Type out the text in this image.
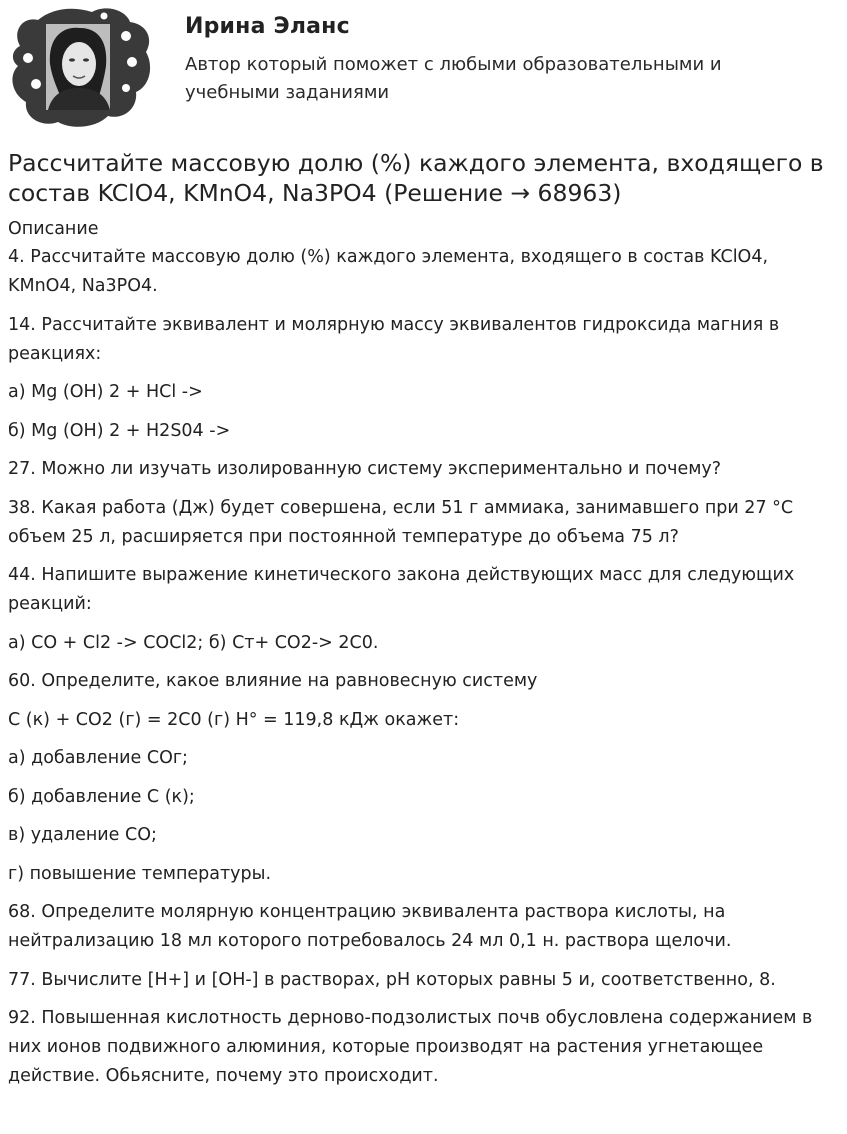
Ирина Эланс
Автор который поможет с любыми образовательными и учебными заданиями
Рассчитайте массовую долю (%) каждого элемента, входящего в состав KClO4, KMnO4, Na3PO4 (Решение → 68963)
Описание

4. Рассчитайте массовую долю (%) каждого элемента, входящего в состав KClO4, KMnO4, Na3PO4.

14. Рассчитайте эквивалент и молярную массу эквивалентов гидроксида магния в реакциях:

а) Mg (OH) 2 + HCl ->

б) Mg (OH) 2 + H2S04 ->

27. Можно ли изучать изолированную систему экспериментально и почему?

38. Какая работа (Дж) будет совершена, если 51 г аммиака, занимавшего при 27 °С объем 25 л, расширяется при постоянной температуре до объема 75 л?

44. Напишите выражение кинетического закона действующих масс для следующих реакций:

а) СО + Cl2 -> COCl2; б) Ст+ СО2-> 2С0.

60. Определите, какое влияние на равновесную систему

С (к) + СО2 (г) = 2С0 (г) Н° = 119,8 кДж окажет:

а) добавление СОг;

б) добавление С (к);

в) удаление СО;

г) повышение температуры.

68. Определите молярную концентрацию эквивалента раствора кислоты, на нейтрализацию 18 мл которого потребовалось 24 мл 0,1 н. раствора щелочи.

77. Вычислите [H+] и [OH-] в растворах, pH которых равны 5 и, соответственно, 8.

92. Повышенная кислотность дерново-подзолистых почв обусловлена содержанием в них ионов подвижного алюминия, которые производят на растения угнетающее действие. Обьясните, почему это происходит.
